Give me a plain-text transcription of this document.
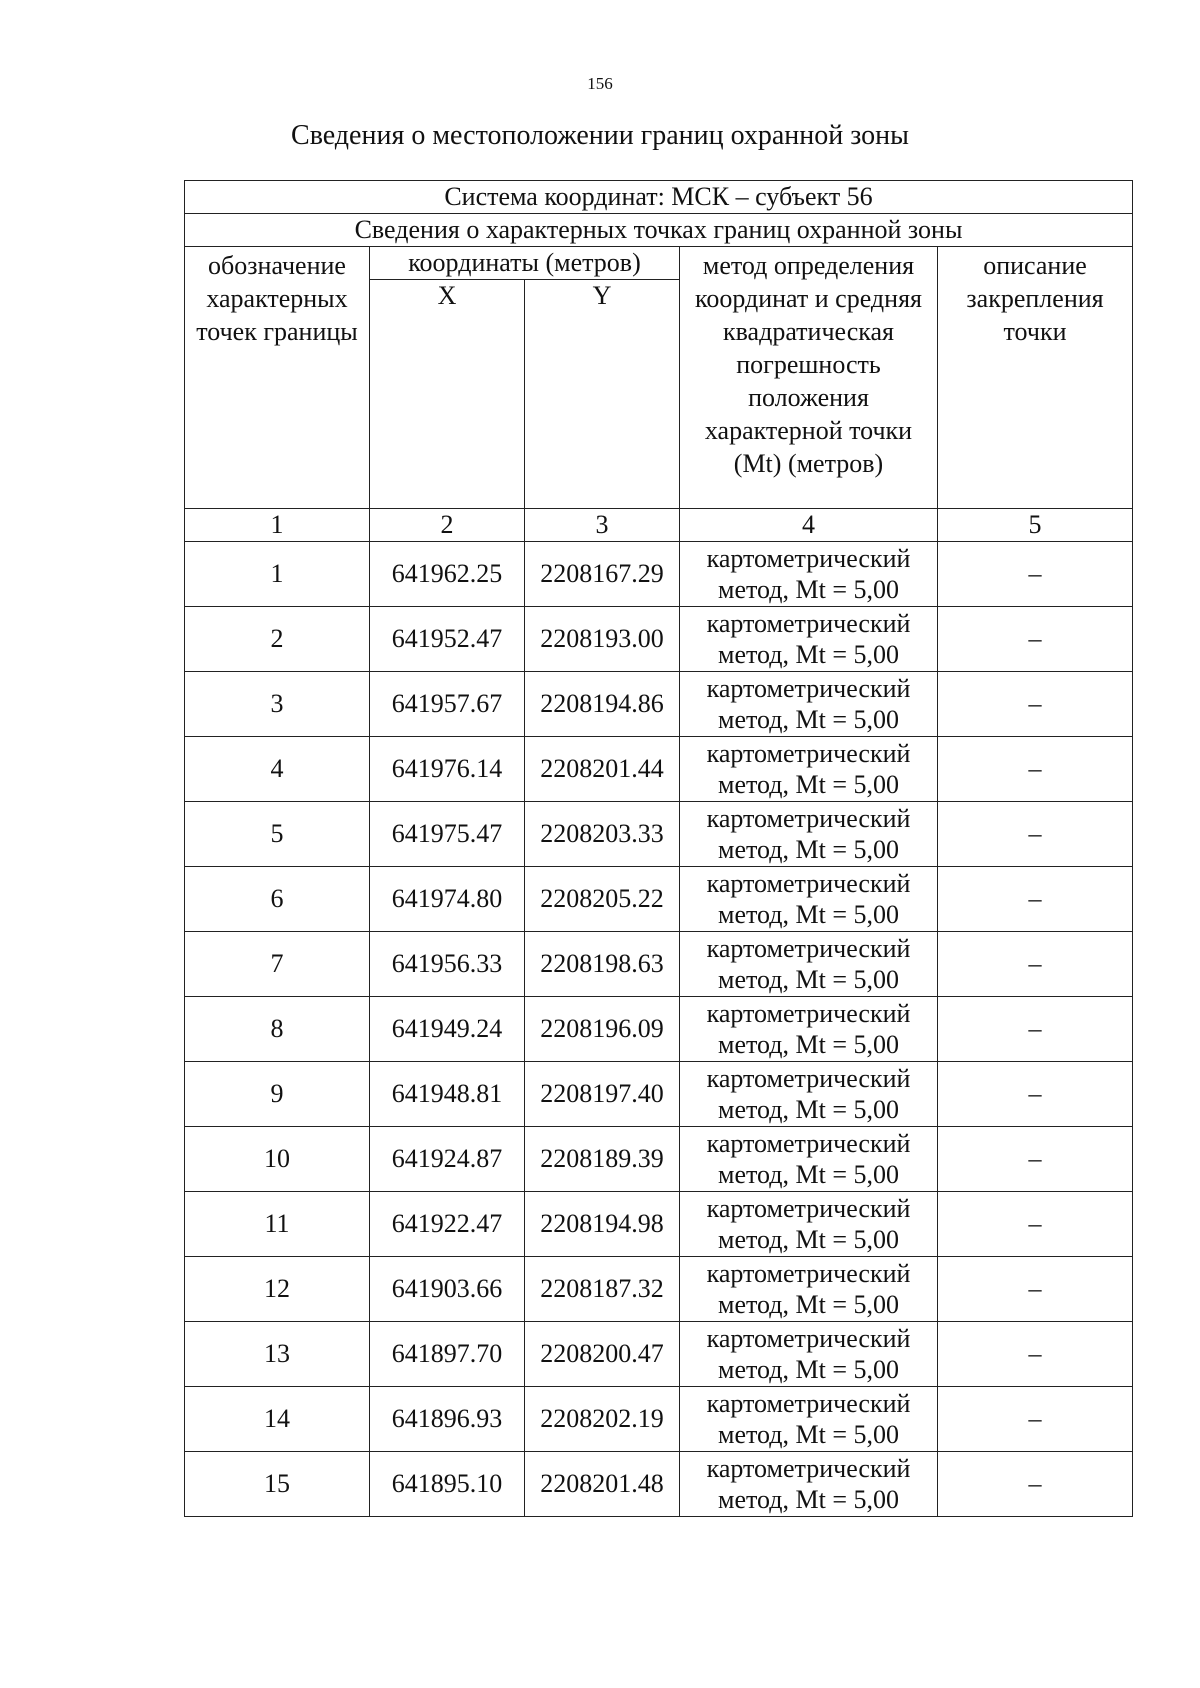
156
Сведения о местоположении границ охранной зоны
Система координат: МСК – субъект 56				
Сведения о характерных точках границ охранной зоны				
обозначение характерных точек границы	координаты (метров)		метод определения координат и средняя квадратическая погрешность положения характерной точки (Mt) (метров)	описание закрепления точки
	X	Y		
1	2	3	4	5
1	641962.25	2208167.29	картометрический метод, Mt = 5,00	–
2	641952.47	2208193.00	картометрический метод, Mt = 5,00	–
3	641957.67	2208194.86	картометрический метод, Mt = 5,00	–
4	641976.14	2208201.44	картометрический метод, Mt = 5,00	–
5	641975.47	2208203.33	картометрический метод, Mt = 5,00	–
6	641974.80	2208205.22	картометрический метод, Mt = 5,00	–
7	641956.33	2208198.63	картометрический метод, Mt = 5,00	–
8	641949.24	2208196.09	картометрический метод, Mt = 5,00	–
9	641948.81	2208197.40	картометрический метод, Mt = 5,00	–
10	641924.87	2208189.39	картометрический метод, Mt = 5,00	–
11	641922.47	2208194.98	картометрический метод, Mt = 5,00	–
12	641903.66	2208187.32	картометрический метод, Mt = 5,00	–
13	641897.70	2208200.47	картометрический метод, Mt = 5,00	–
14	641896.93	2208202.19	картометрический метод, Mt = 5,00	–
15	641895.10	2208201.48	картометрический метод, Mt = 5,00	–
